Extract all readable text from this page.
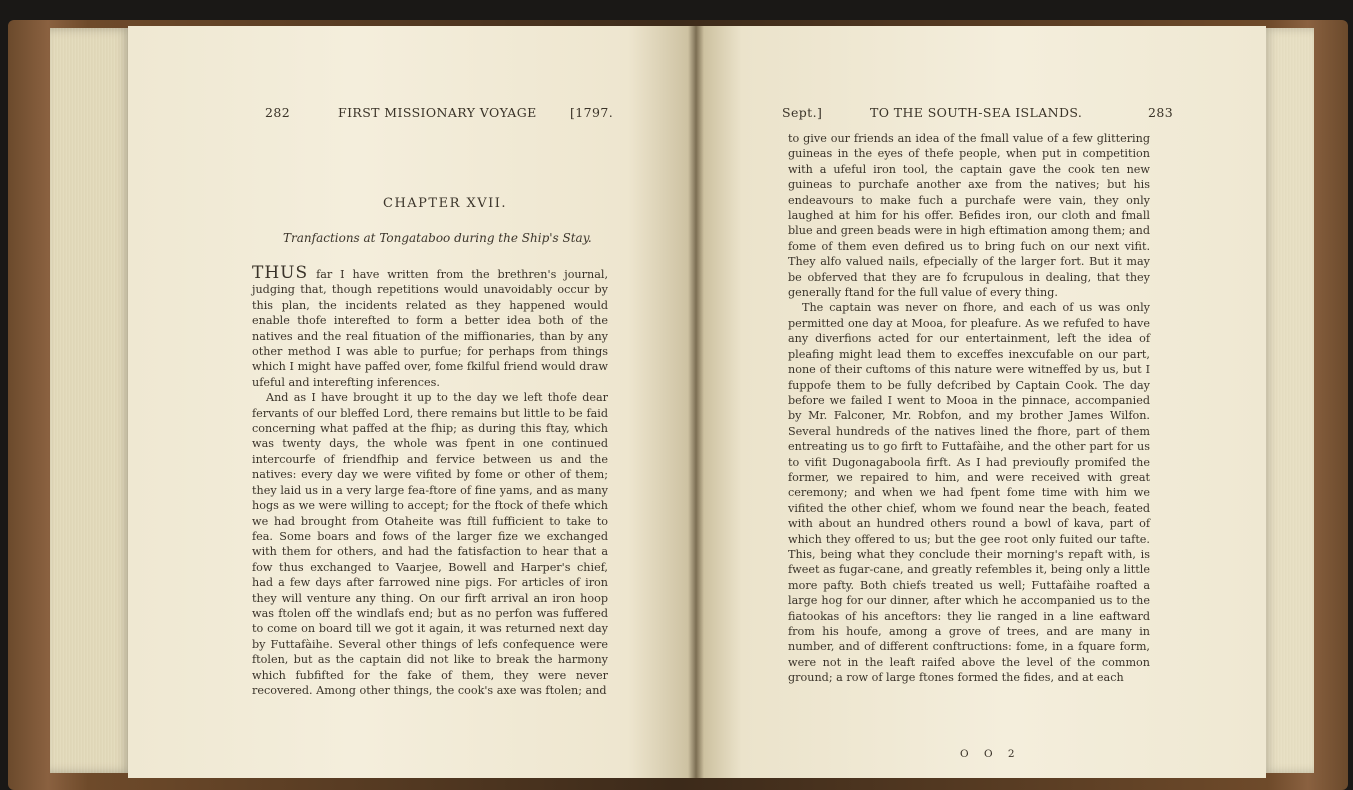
282	FIRST MISSIONARY VOYAGE	[1797.
CHAPTER XVII.
Tranfactions at Tongataboo during the Ship's Stay.

THUS far I have written from the brethren's journal, judging that, though repetitions would unavoidably occur by this plan, the incidents related as they happened would enable thofe interefted to form a better idea both of the natives and the real fituation of the miffionaries, than by any other method I was able to purfue; for perhaps from things which I might have paffed over, fome fkilful friend would draw ufeful and interefting inferences.

And as I have brought it up to the day we left thofe dear fervants of our bleffed Lord, there remains but little to be faid concerning what paffed at the fhip; as during this ftay, which was twenty days, the whole was fpent in one continued intercourfe of friendfhip and fervice between us and the natives: every day we were vifited by fome or other of them; they laid us in a very large fea-ftore of fine yams, and as many hogs as we were willing to accept; for the ftock of thefe which we had brought from Otaheite was ftill fufficient to take to fea. Some boars and fows of the larger fize we exchanged with them for others, and had the fatisfaction to hear that a fow thus exchanged to Vaarjee, Bowell and Harper's chief, had a few days after farrowed nine pigs. For articles of iron they will venture any thing. On our firft arrival an iron hoop was ftolen off the windlafs end; but as no perfon was fuffered to come on board till we got it again, it was returned next day by Futtafàihe. Several other things of lefs confequence were ftolen, but as the captain did not like to break the harmony which fubfifted for the fake of them, they were never recovered. Among other things, the cook's axe was ftolen; and

Sept.]	TO THE SOUTH-SEA ISLANDS.	283

to give our friends an idea of the fmall value of a few glittering guineas in the eyes of thefe people, when put in competition with a ufeful iron tool, the captain gave the cook ten new guineas to purchafe another axe from the natives; but his endeavours to make fuch a purchafe were vain, they only laughed at him for his offer. Befides iron, our cloth and fmall blue and green beads were in high eftimation among them; and fome of them even defired us to bring fuch on our next vifit. They alfo valued nails, efpecially of the larger fort. But it may be obferved that they are fo fcrupulous in dealing, that they generally ftand for the full value of every thing.

The captain was never on fhore, and each of us was only permitted one day at Mooa, for pleafure. As we refufed to have any diverfions acted for our entertainment, left the idea of pleafing might lead them to exceffes inexcufable on our part, none of their cuftoms of this nature were witneffed by us, but I fuppofe them to be fully defcribed by Captain Cook. The day before we failed I went to Mooa in the pinnace, accompanied by Mr. Falconer, Mr. Robfon, and my brother James Wilfon. Several hundreds of the natives lined the fhore, part of them entreating us to go firft to Futtafàihe, and the other part for us to vifit Dugonagaboola firft. As I had previoufly promifed the former, we repaired to him, and were received with great ceremony; and when we had fpent fome time with him we vifited the other chief, whom we found near the beach, feated with about an hundred others round a bowl of kava, part of which they offered to us; but the gee root only fuited our tafte. This, being what they conclude their morning's repaft with, is fweet as fugar-cane, and greatly refembles it, being only a little more pafty. Both chiefs treated us well; Futtafàihe roafted a large hog for our dinner, after which he accompanied us to the fiatookas of his anceftors: they lie ranged in a line eaftward from his houfe, among a grove of trees, and are many in number, and of different conftructions: fome, in a fquare form, were not in the leaft raifed above the level of the common ground; a row of large ftones formed the fides, and at each

O O 2
